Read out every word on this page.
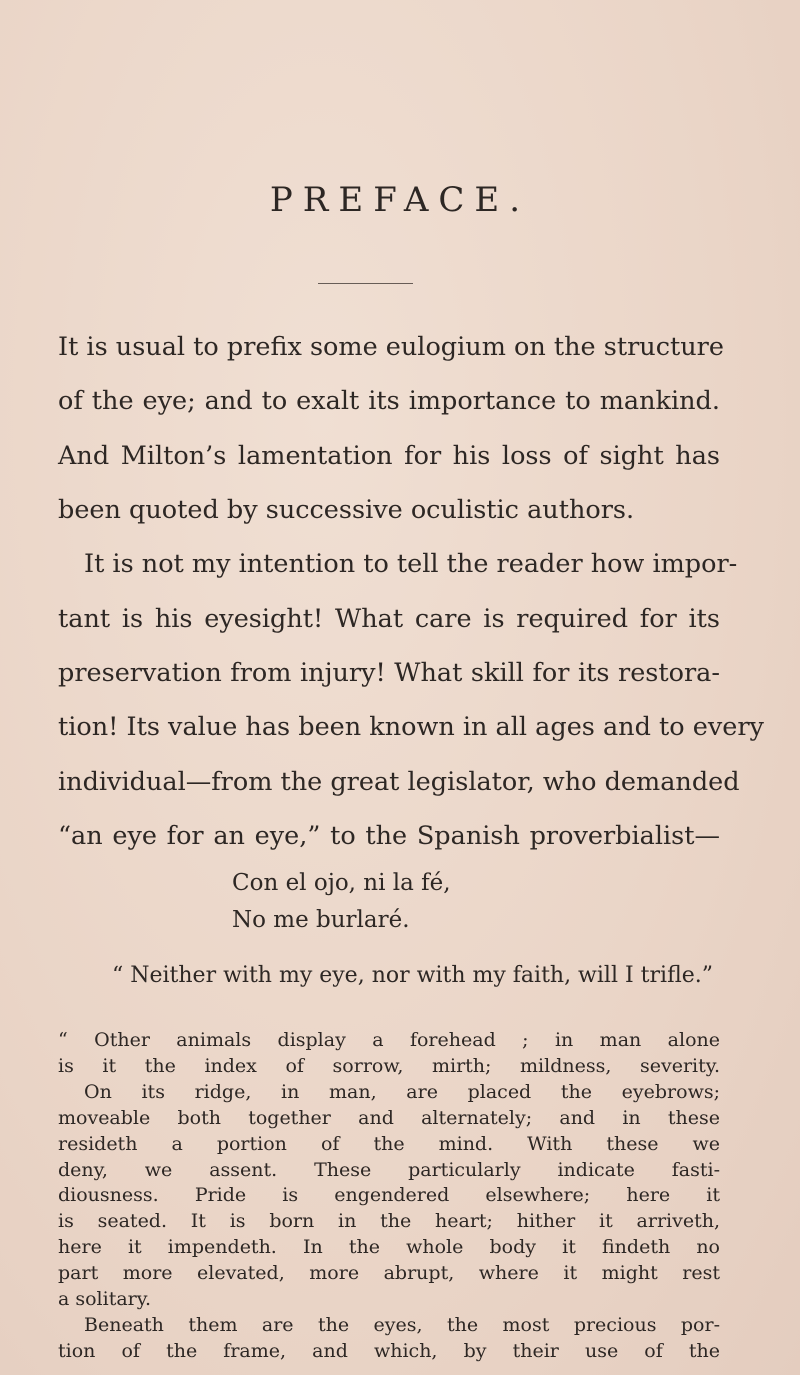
PREFACE.

It is usual to prefix some eulogium on the structure

of the eye; and to exalt its importance to mankind.

And Milton’s lamentation for his loss of sight has

been quoted by successive oculistic authors.

It is not my intention to tell the reader how impor-

tant is his eyesight! What care is required for its

preservation from injury! What skill for its restora-

tion! Its value has been known in all ages and to every

individual—from the great legislator, who demanded

“an eye for an eye,” to the Spanish proverbialist—

Con el ojo, ni la fé,
No me burlaré.
“ Neither with my eye, nor with my faith, will I trifle.”

“ Other animals display a forehead ; in man alone

is it the index of sorrow, mirth; mildness, severity.

On its ridge, in man, are placed the eyebrows;

moveable both together and alternately; and in these

resideth a portion of the mind. With these we

deny, we assent. These particularly indicate fasti-

diousness. Pride is engendered elsewhere; here it

is seated. It is born in the heart; hither it arriveth,

here it impendeth. In the whole body it findeth no

part more elevated, more abrupt, where it might rest

a solitary.

Beneath them are the eyes, the most precious por-

tion of the frame, and which, by their use of the
